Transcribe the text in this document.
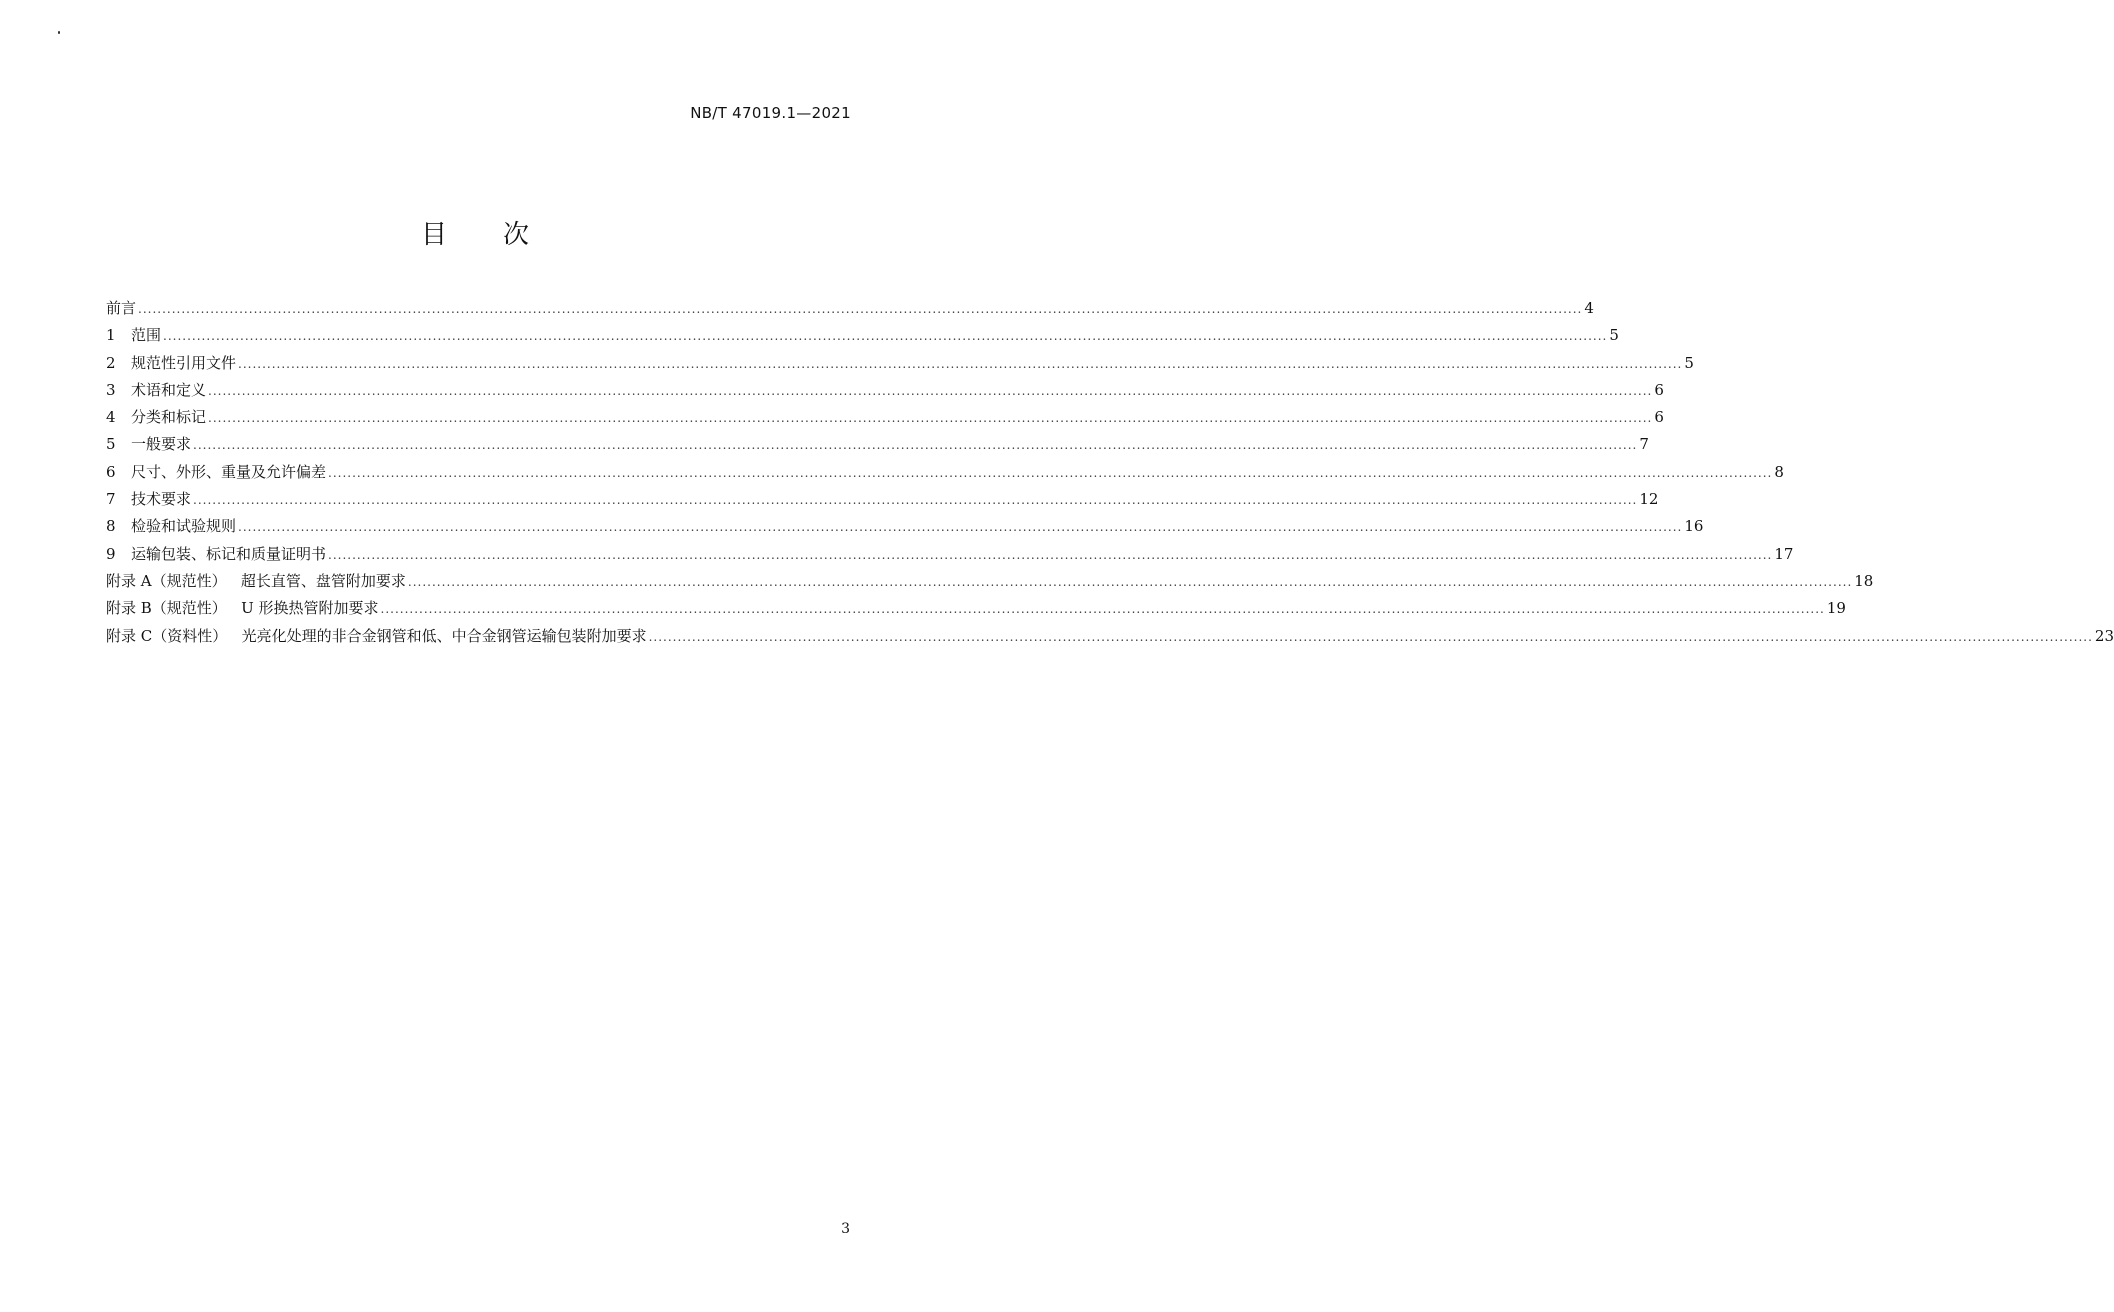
NB/T 47019.1—2021
目 次
前言 ............................................................................................................................................................................................................................................................................................................ 4
1	范围 ............................................................................................................................................................................................................................................................................................................ 5
2	规范性引用文件 ............................................................................................................................................................................................................................................................................................................ 5
3	术语和定义 ............................................................................................................................................................................................................................................................................................................ 6
4	分类和标记 ............................................................................................................................................................................................................................................................................................................ 6
5	一般要求 ............................................................................................................................................................................................................................................................................................................ 7
6	尺寸、外形、重量及允许偏差 ............................................................................................................................................................................................................................................................................................................ 8
7	技术要求 ............................................................................................................................................................................................................................................................................................................ 12
8	检验和试验规则 ............................................................................................................................................................................................................................................................................................................ 16
9	运输包装、标记和质量证明书 ............................................................................................................................................................................................................................................................................................................ 17
附录 A（规范性） 超长直管、盘管附加要求 ............................................................................................................................................................................................................................................................................................................ 18
附录 B（规范性） U 形换热管附加要求 ............................................................................................................................................................................................................................................................................................................ 19
附录 C（资料性） 光亮化处理的非合金钢管和低、中合金钢管运输包装附加要求 ............................................................................................................................................................................................................................................................................................................ 23
3
